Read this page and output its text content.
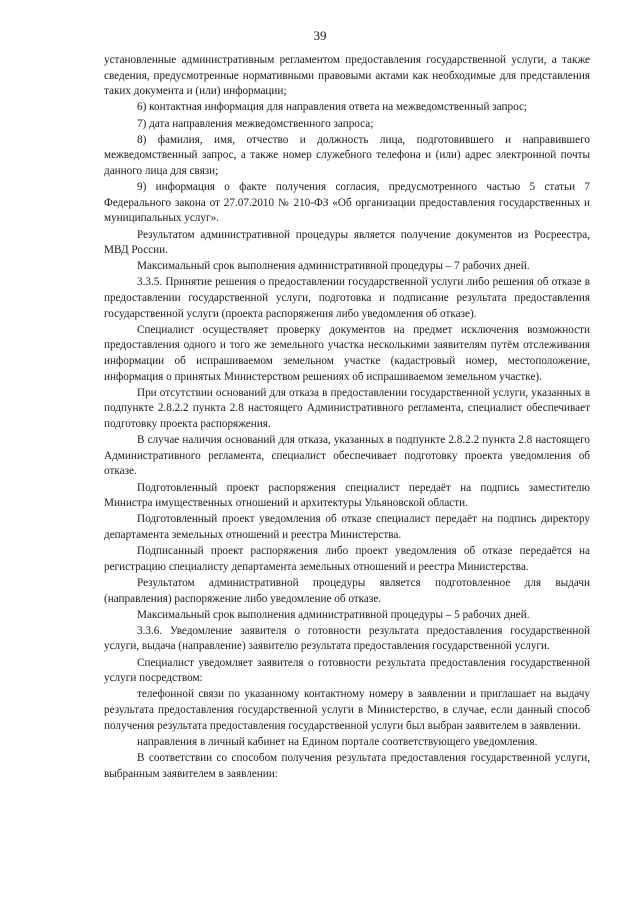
39

установленные административным регламентом предоставления государственной услуги, а также сведения, предусмотренные нормативными правовыми актами как необходимые для представления таких документа и (или) информации;

6) контактная информация для направления ответа на межведомственный запрос;

7) дата направления межведомственного запроса;

8) фамилия, имя, отчество и должность лица, подготовившего и направившего межведомственный запрос, а также номер служебного телефона и (или) адрес электронной почты данного лица для связи;

9) информация о факте получения согласия, предусмотренного частью 5 статьи 7 Федерального закона от 27.07.2010 № 210-ФЗ «Об организации предоставления государственных и муниципальных услуг».

Результатом административной процедуры является получение документов из Росреестра, МВД России.

Максимальный срок выполнения административной процедуры – 7 рабочих дней.

3.3.5. Принятие решения о предоставлении государственной услуги либо решения об отказе в предоставлении государственной услуги, подготовка и подписание результата предоставления государственной услуги (проекта распоряжения либо уведомления об отказе).

Специалист осуществляет проверку документов на предмет исключения возможности предоставления одного и того же земельного участка несколькими заявителям путём отслеживания информации об испрашиваемом земельном участке (кадастровый номер, местоположение, информация о принятых Министерством решениях об испрашиваемом земельном участке).

При отсутствии оснований для отказа в предоставлении государственной услуги, указанных в подпункте 2.8.2.2 пункта 2.8 настоящего Административного регламента, специалист обеспечивает подготовку проекта распоряжения.

В случае наличия оснований для отказа, указанных в подпункте 2.8.2.2 пункта 2.8 настоящего Административного регламента, специалист обеспечивает подготовку проекта уведомления об отказе.

Подготовленный проект распоряжения специалист передаёт на подпись заместителю Министра имущественных отношений и архитектуры Ульяновской области.

Подготовленный проект уведомления об отказе специалист передаёт на подпись директору департамента земельных отношений и реестра Министерства.

Подписанный проект распоряжения либо проект уведомления об отказе передаётся на регистрацию специалисту департамента земельных отношений и реестра Министерства.

Результатом административной процедуры является подготовленное для выдачи (направления) распоряжение либо уведомление об отказе.

Максимальный срок выполнения административной процедуры – 5 рабочих дней.

3.3.6. Уведомление заявителя о готовности результата предоставления государственной услуги, выдача (направление) заявителю результата предоставления государственной услуги.

Специалист уведомляет заявителя о готовности результата предоставления государственной услуги посредством:

телефонной связи по указанному контактному номеру в заявлении и приглашает на выдачу результата предоставления государственной услуги в Министерство, в случае, если данный способ получения результата предоставления государственной услуги был выбран заявителем в заявлении.

направления в личный кабинет на Едином портале соответствующего уведомления.

В соответствии со способом получения результата предоставления государственной услуги, выбранным заявителем в заявлении:
